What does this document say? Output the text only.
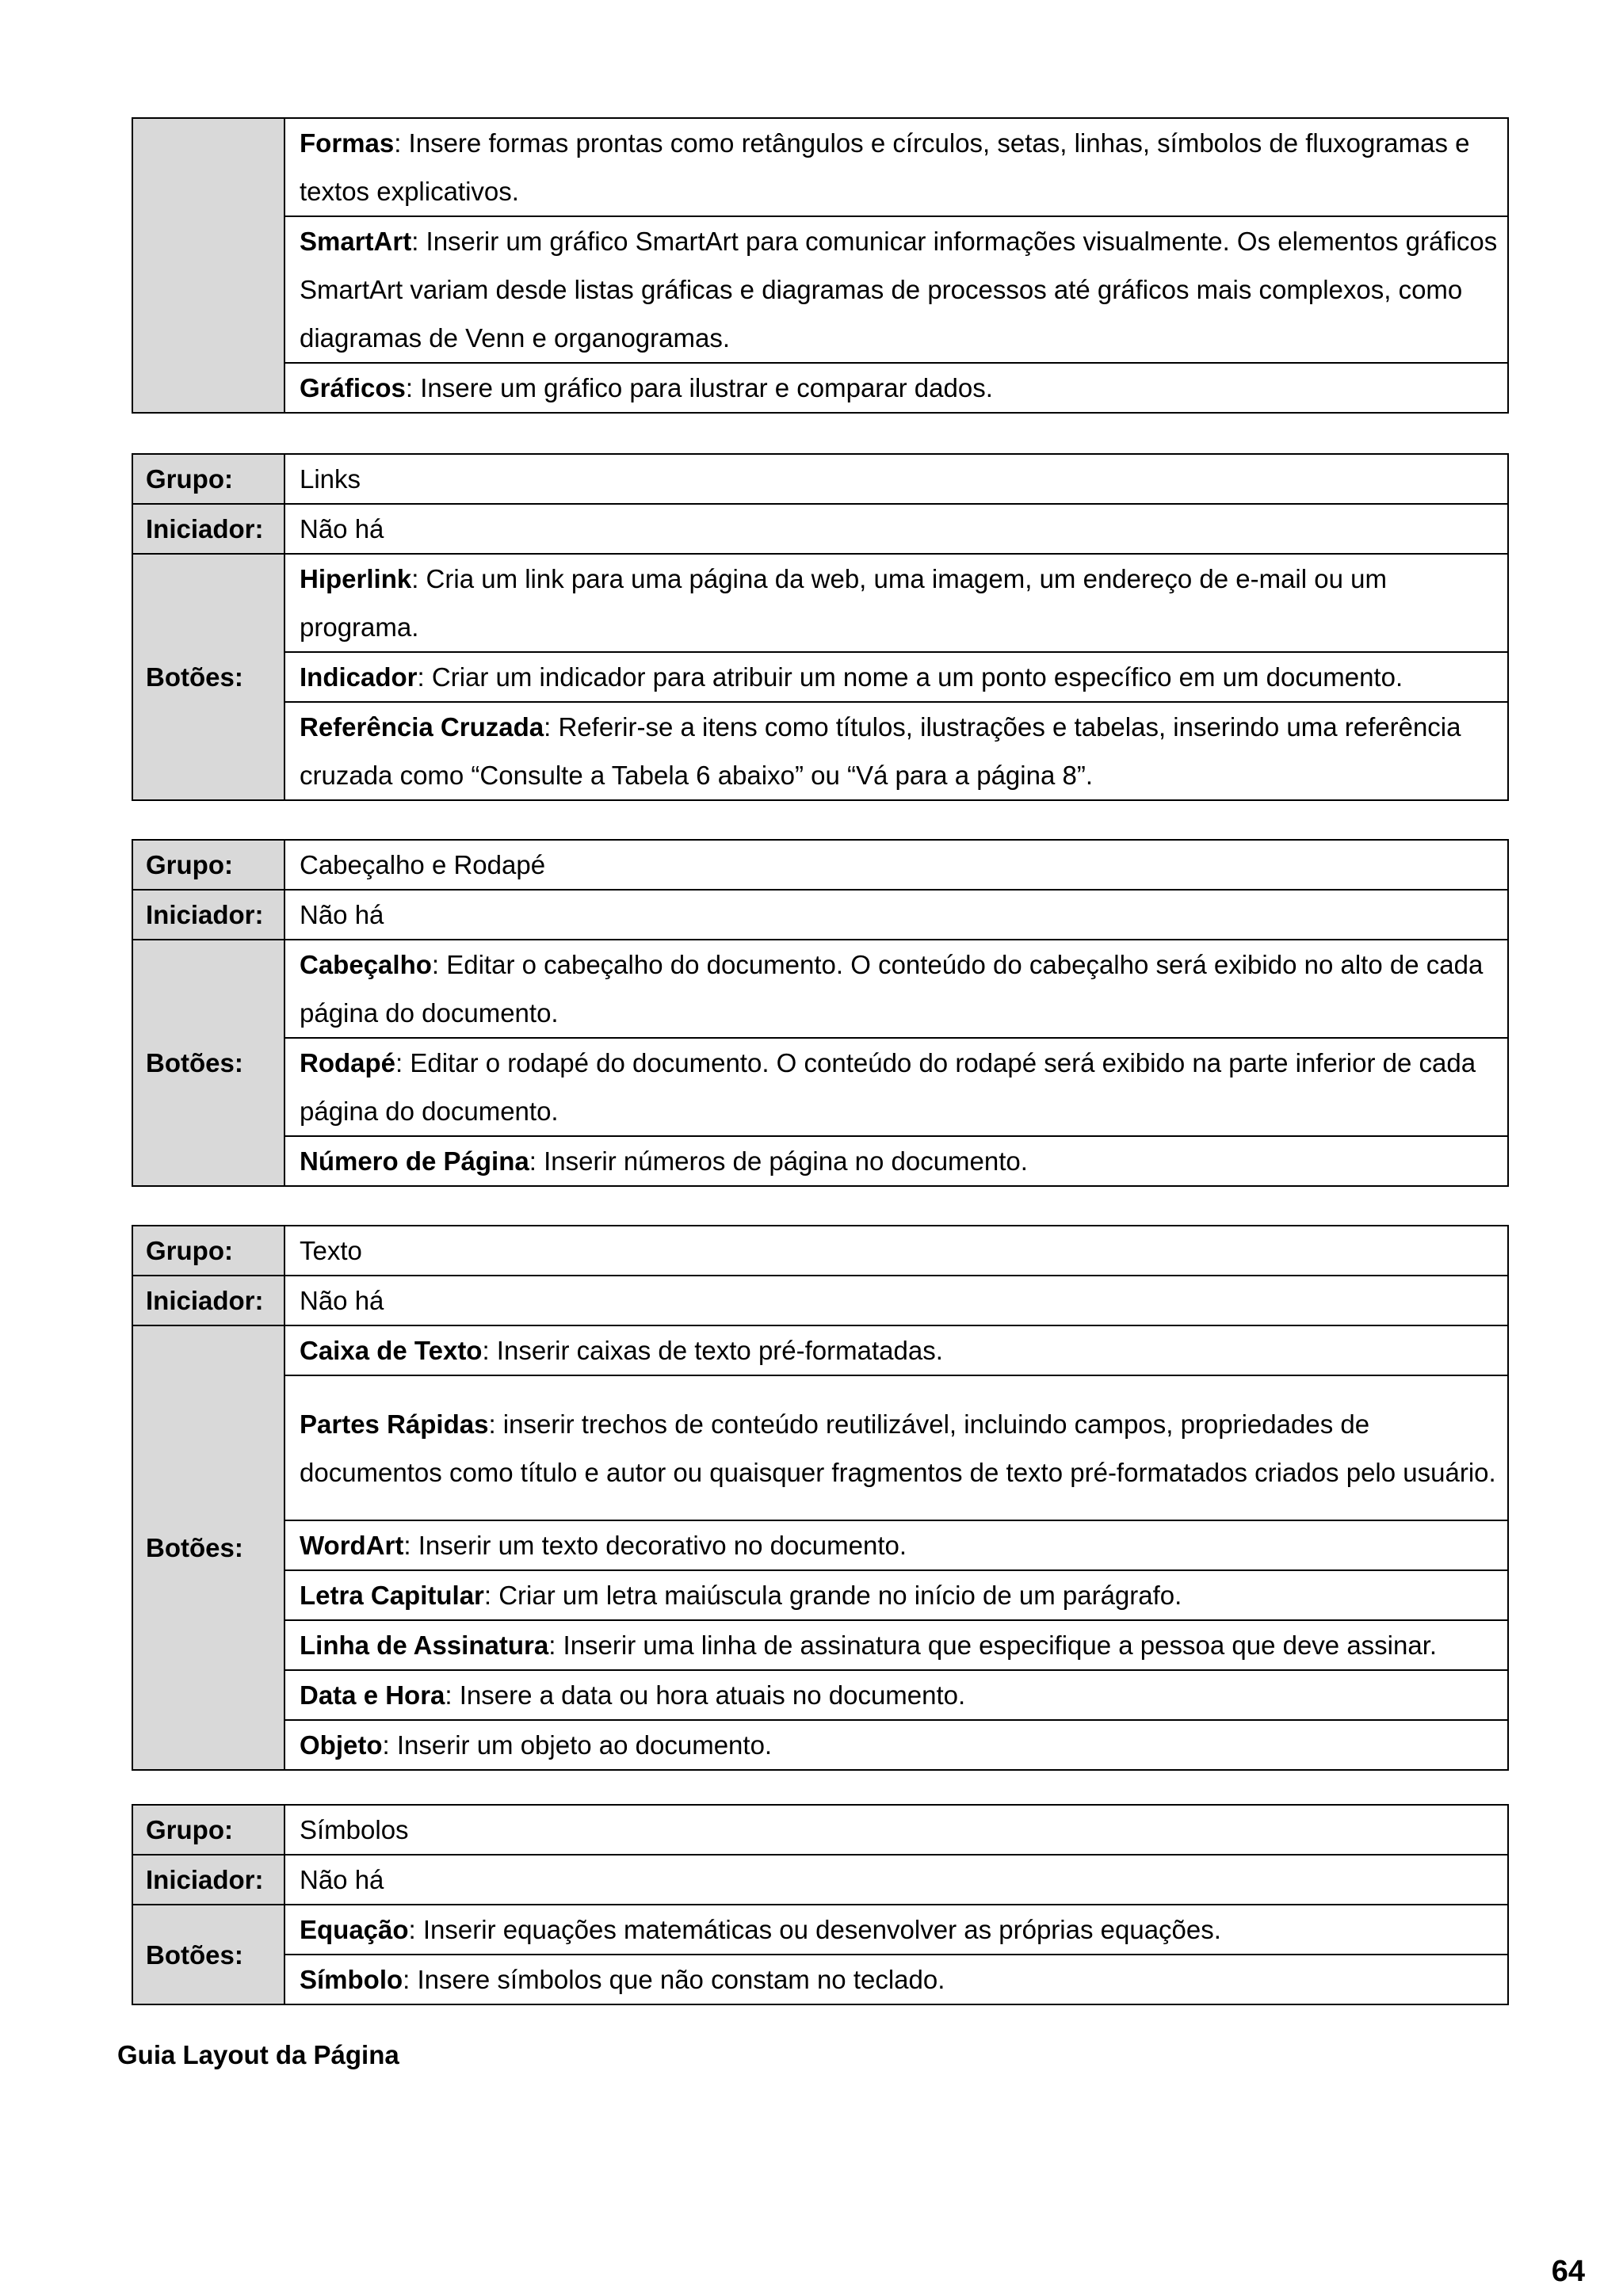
	Formas: Insere formas prontas como retângulos e círculos, setas, linhas, símbolos de fluxogramas e textos explicativos.
SmartArt: Inserir um gráfico SmartArt para comunicar informações visualmente. Os elementos gráficos SmartArt variam desde listas gráficas e diagramas de processos até gráficos mais complexos, como diagramas de Venn e organogramas.
Gráficos: Insere um gráfico para ilustrar e comparar dados.
Grupo:	Links
Iniciador:	Não há
Botões:	Hiperlink: Cria um link para uma página da web, uma imagem, um endereço de e-mail ou um programa.
	Indicador: Criar um indicador para atribuir um nome a um ponto específico em um documento.
	Referência Cruzada: Referir-se a itens como títulos, ilustrações e tabelas, inserindo uma referência cruzada como “Consulte a Tabela 6 abaixo” ou “Vá para a página 8”.
Grupo:	Cabeçalho e Rodapé
Iniciador:	Não há
Botões:	Cabeçalho: Editar o cabeçalho do documento. O conteúdo do cabeçalho será exibido no alto de cada página do documento.
	Rodapé: Editar o rodapé do documento. O conteúdo do rodapé será exibido na parte inferior de cada página do documento.
	Número de Página: Inserir números de página no documento.
Grupo:	Texto
Iniciador:	Não há
Botões:	Caixa de Texto: Inserir caixas de texto pré-formatadas.
	Partes Rápidas: inserir trechos de conteúdo reutilizável, incluindo campos, propriedades de documentos como título e autor ou quaisquer fragmentos de texto pré-formatados criados pelo usuário.
	WordArt: Inserir um texto decorativo no documento.
	Letra Capitular: Criar um letra maiúscula grande no início de um parágrafo.
	Linha de Assinatura: Inserir uma linha de assinatura que especifique a pessoa que deve assinar.
	Data e Hora: Insere a data ou hora atuais no documento.
	Objeto: Inserir um objeto ao documento.
Grupo:	Símbolos
Iniciador:	Não há
Botões:	Equação: Inserir equações matemáticas ou desenvolver as próprias equações.
	Símbolo: Insere símbolos que não constam no teclado.
Guia Layout da Página
64
